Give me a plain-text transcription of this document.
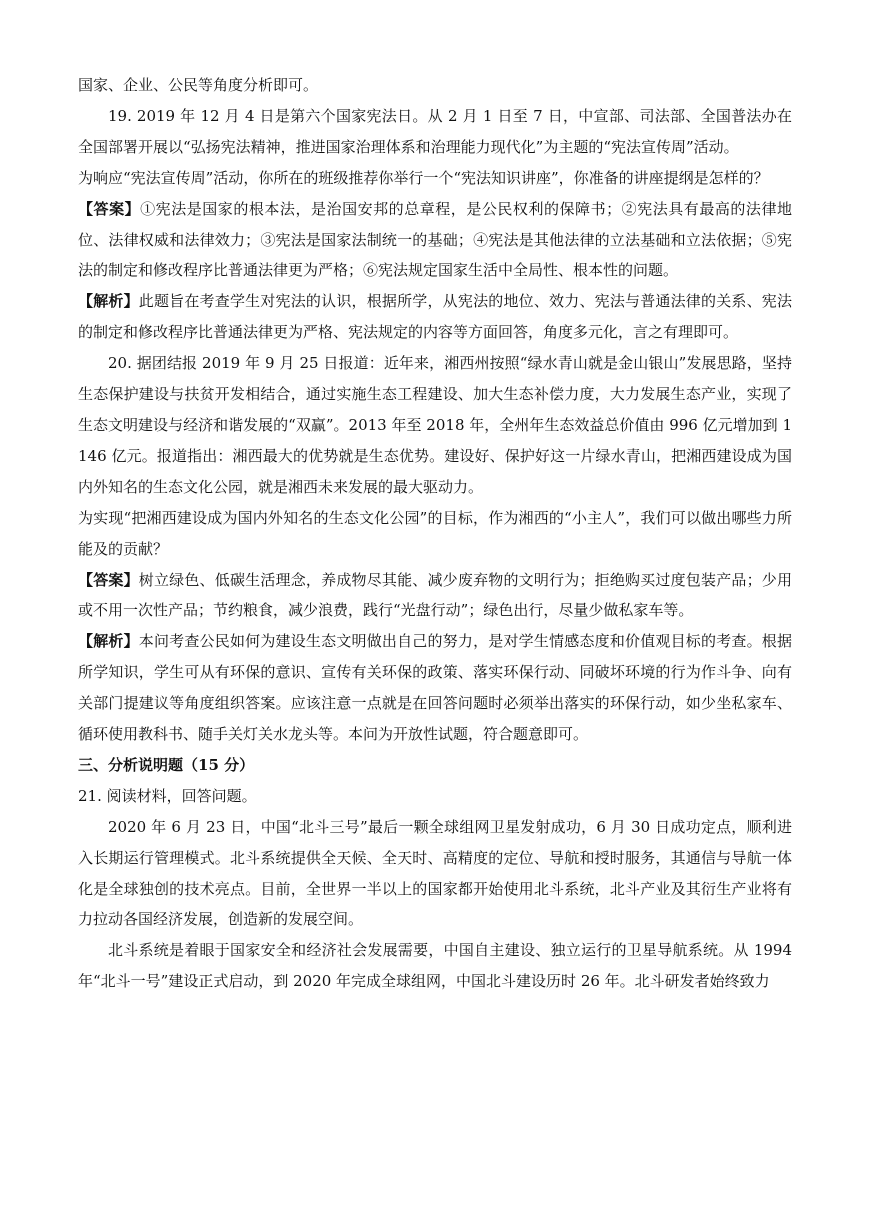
国家、企业、公民等角度分析即可。

19. 2019 年 12 月 4 日是第六个国家宪法日。从 2 月 1 日至 7 日，中宣部、司法部、全国普法办在全国部署开展以“弘扬宪法精神，推进国家治理体系和治理能力现代化”为主题的“宪法宣传周”活动。

为响应“宪法宣传周”活动，你所在的班级推荐你举行一个“宪法知识讲座”，你准备的讲座提纲是怎样的？

【答案】①宪法是国家的根本法，是治国安邦的总章程，是公民权利的保障书；②宪法具有最高的法律地位、法律权威和法律效力；③宪法是国家法制统一的基础；④宪法是其他法律的立法基础和立法依据；⑤宪法的制定和修改程序比普通法律更为严格；⑥宪法规定国家生活中全局性、根本性的问题。

【解析】此题旨在考查学生对宪法的认识，根据所学，从宪法的地位、效力、宪法与普通法律的关系、宪法的制定和修改程序比普通法律更为严格、宪法规定的内容等方面回答，角度多元化，言之有理即可。

20. 据团结报 2019 年 9 月 25 日报道：近年来，湘西州按照“绿水青山就是金山银山”发展思路，坚持生态保护建设与扶贫开发相结合，通过实施生态工程建设、加大生态补偿力度，大力发展生态产业，实现了生态文明建设与经济和谐发展的“双赢”。2013 年至 2018 年，全州年生态效益总价值由 996 亿元增加到 1146 亿元。报道指出：湘西最大的优势就是生态优势。建设好、保护好这一片绿水青山，把湘西建设成为国内外知名的生态文化公园，就是湘西未来发展的最大驱动力。

为实现“把湘西建设成为国内外知名的生态文化公园”的目标，作为湘西的“小主人”，我们可以做出哪些力所能及的贡献？

【答案】树立绿色、低碳生活理念，养成物尽其能、减少废弃物的文明行为；拒绝购买过度包装产品；少用或不用一次性产品；节约粮食，减少浪费，践行“光盘行动”；绿色出行，尽量少做私家车等。

【解析】本问考查公民如何为建设生态文明做出自己的努力，是对学生情感态度和价值观目标的考查。根据所学知识，学生可从有环保的意识、宣传有关环保的政策、落实环保行动、同破坏环境的行为作斗争、向有关部门提建议等角度组织答案。应该注意一点就是在回答问题时必须举出落实的环保行动，如少坐私家车、循环使用教科书、随手关灯关水龙头等。本问为开放性试题，符合题意即可。

三、分析说明题（15 分）

21. 阅读材料，回答问题。

2020 年 6 月 23 日，中国“北斗三号”最后一颗全球组网卫星发射成功，6 月 30 日成功定点，顺利进入长期运行管理模式。北斗系统提供全天候、全天时、高精度的定位、导航和授时服务，其通信与导航一体化是全球独创的技术亮点。目前，全世界一半以上的国家都开始使用北斗系统，北斗产业及其衍生产业将有力拉动各国经济发展，创造新的发展空间。

北斗系统是着眼于国家安全和经济社会发展需要，中国自主建设、独立运行的卫星导航系统。从 1994 年“北斗一号”建设正式启动，到 2020 年完成全球组网，中国北斗建设历时 26 年。北斗研发者始终致力
